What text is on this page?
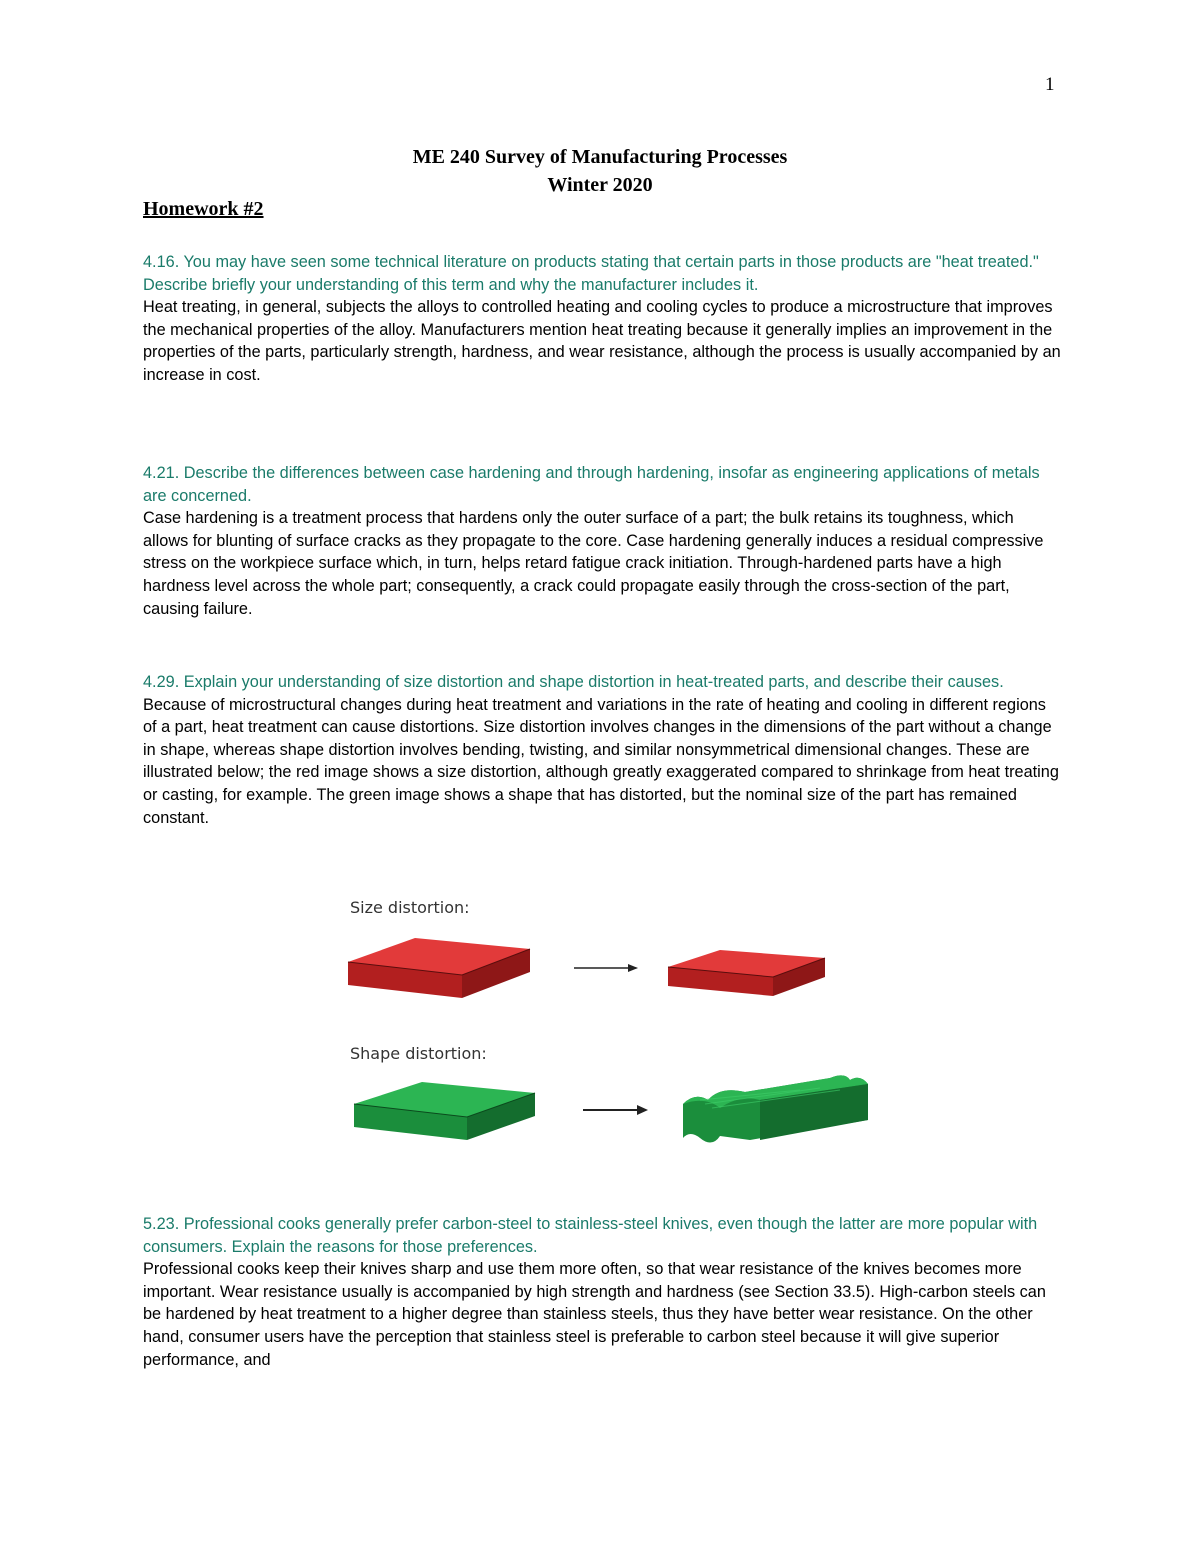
1
ME 240 Survey of Manufacturing Processes
Winter 2020
Homework #2

4.16. You may have seen some technical literature on products stating that certain parts in those products are "heat treated." Describe briefly your understanding of this term and why the manufacturer includes it.

Heat treating, in general, subjects the alloys to controlled heating and cooling cycles to produce a microstructure that improves the mechanical properties of the alloy. Manufacturers mention heat treating because it generally implies an improvement in the properties of the parts, particularly strength, hardness, and wear resistance, although the process is usually accompanied by an increase in cost.

4.21. Describe the differences between case hardening and through hardening, insofar as engineering applications of metals are concerned.

Case hardening is a treatment process that hardens only the outer surface of a part; the bulk retains its toughness, which allows for blunting of surface cracks as they propagate to the core. Case hardening generally induces a residual compressive stress on the workpiece surface which, in turn, helps retard fatigue crack initiation. Through-hardened parts have a high hardness level across the whole part; consequently, a crack could propagate easily through the cross-section of the part, causing failure.

4.29. Explain your understanding of size distortion and shape distortion in heat-treated parts, and describe their causes.

Because of microstructural changes during heat treatment and variations in the rate of heating and cooling in different regions of a part, heat treatment can cause distortions. Size distortion involves changes in the dimensions of the part without a change in shape, whereas shape distortion involves bending, twisting, and similar nonsymmetrical dimensional changes. These are illustrated below; the red image shows a size distortion, although greatly exaggerated compared to shrinkage from heat treating or casting, for example. The green image shows a shape that has distorted, but the nominal size of the part has remained constant.

Size distortion:
Shape distortion:

5.23. Professional cooks generally prefer carbon-steel to stainless-steel knives, even though the latter are more popular with consumers. Explain the reasons for those preferences.

Professional cooks keep their knives sharp and use them more often, so that wear resistance of the knives becomes more important. Wear resistance usually is accompanied by high strength and hardness (see Section 33.5). High-carbon steels can be hardened by heat treatment to a higher degree than stainless steels, thus they have better wear resistance. On the other hand, consumer users have the perception that stainless steel is preferable to carbon steel because it will give superior performance, and
